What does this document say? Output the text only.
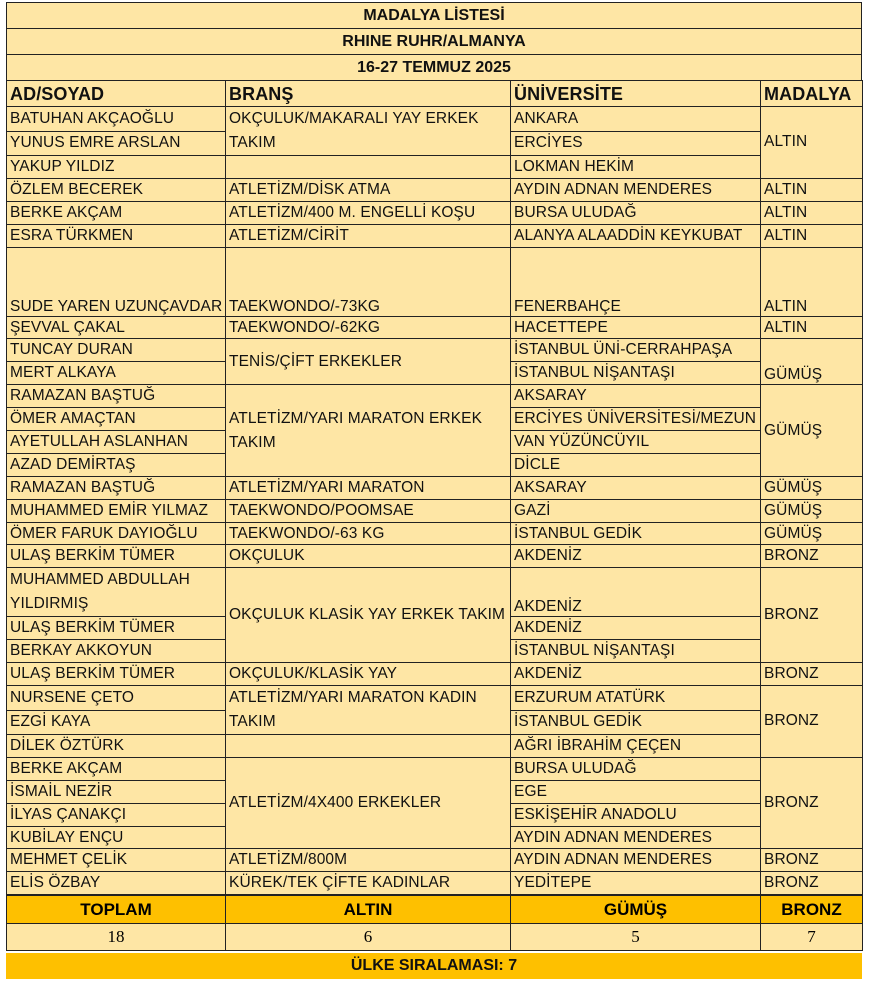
MADALYA LİSTESİ
RHINE RUHR/ALMANYA
16-27 TEMMUZ 2025
AD/SOYAD	BRANŞ	ÜNİVERSİTE	MADALYA
BATUHAN AKÇAOĞLU	OKÇULUK/MAKARALI YAY ERKEK TAKIM	ANKARA	ALTIN
YUNUS EMRE ARSLAN		ERCİYES	
YAKUP YILDIZ		LOKMAN HEKİM	
ÖZLEM BECEREK	ATLETİZM/DİSK ATMA	AYDIN ADNAN MENDERES	ALTIN
BERKE AKÇAM	ATLETİZM/400 M. ENGELLİ KOŞU	BURSA ULUDAĞ	ALTIN
ESRA TÜRKMEN	ATLETİZM/CİRİT	ALANYA ALAADDİN KEYKUBAT	ALTIN
SUDE YAREN UZUNÇAVDAR	TAEKWONDO/-73KG	FENERBAHÇE	ALTIN
ŞEVVAL ÇAKAL	TAEKWONDO/-62KG	HACETTEPE	ALTIN
TUNCAY DURAN	TENİS/ÇİFT ERKEKLER	İSTANBUL ÜNİ-CERRAHPAŞA	GÜMÜŞ
MERT ALKAYA		İSTANBUL NİŞANTAŞI	
RAMAZAN BAŞTUĞ	ATLETİZM/YARI MARATON ERKEK TAKIM	AKSARAY	GÜMÜŞ
ÖMER AMAÇTAN		ERCİYES ÜNİVERSİTESİ/MEZUN	
AYETULLAH ASLANHAN		VAN YÜZÜNCÜYIL	
AZAD DEMİRTAŞ		DİCLE	
RAMAZAN BAŞTUĞ	ATLETİZM/YARI MARATON	AKSARAY	GÜMÜŞ
MUHAMMED EMİR YILMAZ	TAEKWONDO/POOMSAE	GAZİ	GÜMÜŞ
ÖMER FARUK DAYIOĞLU	TAEKWONDO/-63 KG	İSTANBUL GEDİK	GÜMÜŞ
ULAŞ BERKİM TÜMER	OKÇULUK	AKDENİZ	BRONZ
MUHAMMED ABDULLAH YILDIRMIŞ	OKÇULUK KLASİK YAY ERKEK TAKIM	AKDENİZ	BRONZ
ULAŞ BERKİM TÜMER		AKDENİZ	
BERKAY AKKOYUN		İSTANBUL NİŞANTAŞI	
ULAŞ BERKİM TÜMER	OKÇULUK/KLASİK YAY	AKDENİZ	BRONZ
NURSENE ÇETO	ATLETİZM/YARI MARATON KADIN TAKIM	ERZURUM ATATÜRK	BRONZ
EZGİ KAYA		İSTANBUL GEDİK	
DİLEK ÖZTÜRK		AĞRI İBRAHİM ÇEÇEN	
BERKE AKÇAM	ATLETİZM/4X400 ERKEKLER	BURSA ULUDAĞ	BRONZ
İSMAİL NEZİR		EGE	
İLYAS ÇANAKÇI		ESKİŞEHİR ANADOLU	
KUBİLAY ENÇU		AYDIN ADNAN MENDERES	
MEHMET ÇELİK	ATLETİZM/800M	AYDIN ADNAN MENDERES	BRONZ
ELİS ÖZBAY	KÜREK/TEK ÇİFTE KADINLAR	YEDİTEPE	BRONZ
TOPLAM	ALTIN	GÜMÜŞ	BRONZ
18	6	5	7
ÜLKE SIRALAMASI: 7
